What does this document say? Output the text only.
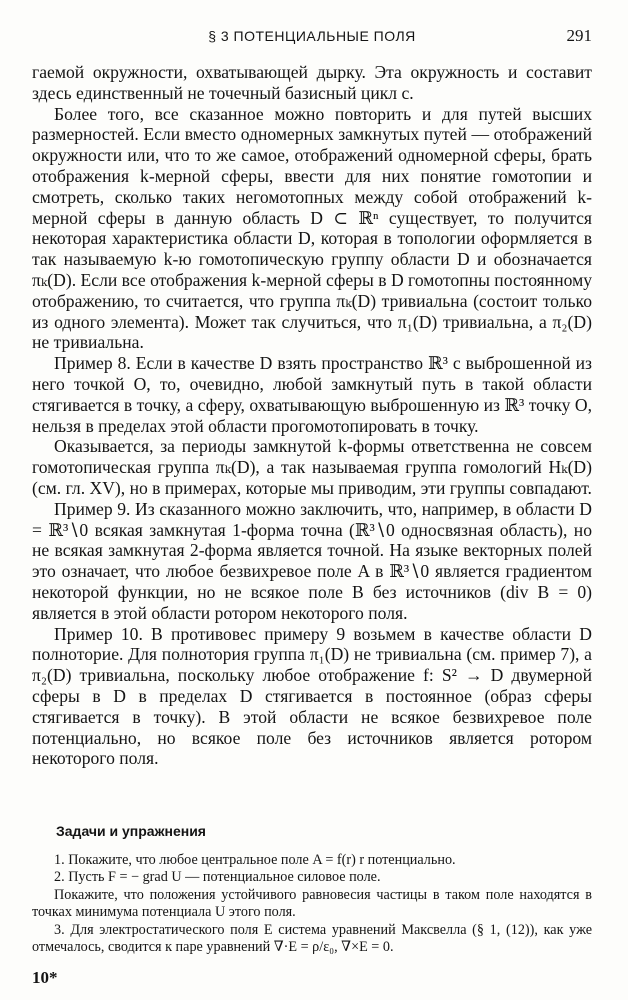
§ 3 ПОТЕНЦИАЛЬНЫЕ ПОЛЯ	291

гаемой окружности, охватывающей дырку. Эта окружность и составит здесь единственный не точечный базисный цикл c.

Более того, все сказанное можно повторить и для путей высших размерностей. Если вместо одномерных замкнутых путей — отображений окружности или, что то же самое, отображений одномерной сферы, брать отображения k-мерной сферы, ввести для них понятие гомотопии и смотреть, сколько таких негомотопных между собой отображений k-мерной сферы в данную область D ⊂ ℝⁿ существует, то получится некоторая характеристика области D, которая в топологии оформляется в так называемую k-ю гомотопическую группу области D и обозначается πₖ(D). Если все отображения k-мерной сферы в D гомотопны постоянному отображению, то считается, что группа πₖ(D) тривиальна (состоит только из одного элемента). Может так случиться, что π₁(D) тривиальна, а π₂(D) не тривиальна.

Пример 8. Если в качестве D взять пространство ℝ³ с выброшенной из него точкой O, то, очевидно, любой замкнутый путь в такой области стягивается в точку, а сферу, охватывающую выброшенную из ℝ³ точку O, нельзя в пределах этой области прогомотопировать в точку.

Оказывается, за периоды замкнутой k-формы ответственна не совсем гомотопическая группа πₖ(D), а так называемая группа гомологий Hₖ(D) (см. гл. XV), но в примерах, которые мы приводим, эти группы совпадают.

Пример 9. Из сказанного можно заключить, что, например, в области D = ℝ³∖0 всякая замкнутая 1-форма точна (ℝ³∖0 односвязная область), но не всякая замкнутая 2-форма является точной. На языке векторных полей это означает, что любое безвихревое поле A в ℝ³∖0 является градиентом некоторой функции, но не всякое поле B без источников (div B = 0) является в этой области ротором некоторого поля.

Пример 10. В противовес примеру 9 возьмем в качестве области D полноторие. Для полнотория группа π₁(D) не тривиальна (см. пример 7), а π₂(D) тривиальна, поскольку любое отображение f: S² → D двумерной сферы в D в пределах D стягивается в постоянное (образ сферы стягивается в точку). В этой области не всякое безвихревое поле потенциально, но всякое поле без источников является ротором некоторого поля.

Задачи и упражнения

1. Покажите, что любое центральное поле A = f(r) r потенциально.

2. Пусть F = − grad U — потенциальное силовое поле.

Покажите, что положения устойчивого равновесия частицы в таком поле находятся в точках минимума потенциала U этого поля.

3. Для электростатического поля E система уравнений Максвелла (§ 1, (12)), как уже отмечалось, сводится к паре уравнений ∇·E = ρ/ε₀, ∇×E = 0.

10*
